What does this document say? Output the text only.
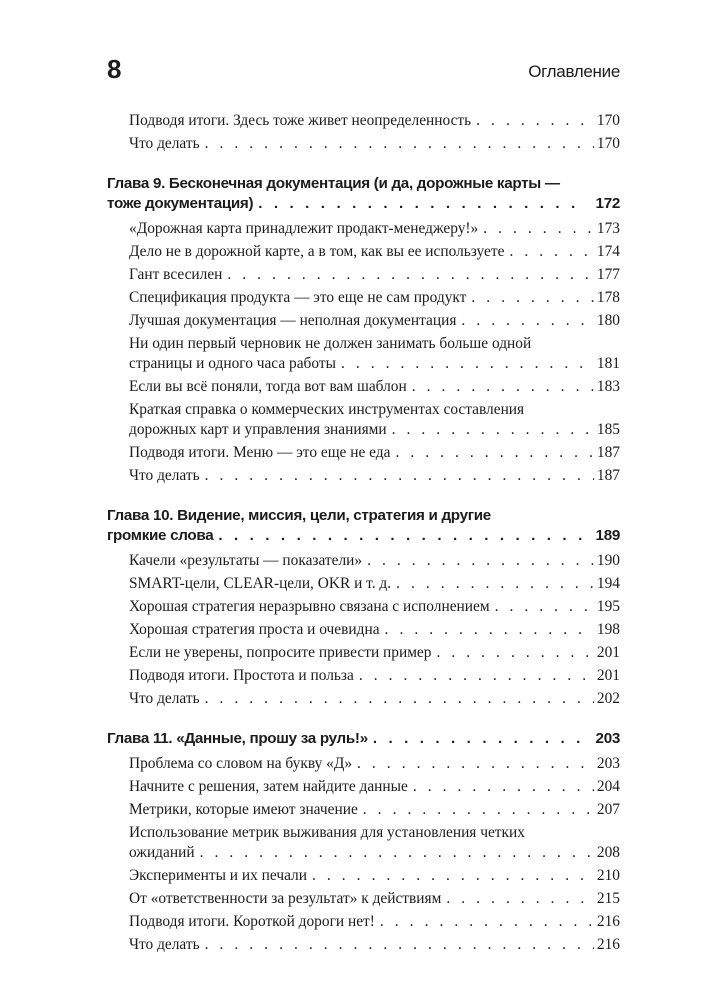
8	Оглавление
Подводя итоги. Здесь тоже живет неопределенность . . .	170
Что делать . . .	170
Глава 9. Бесконечная документация (и да, дорожные карты —
тоже документация) . . .	172
«Дорожная карта принадлежит продакт-менеджеру!» . . .	173
Дело не в дорожной карте, а в том, как вы ее используете . . .	174
Гант всесилен . . .	177
Спецификация продукта — это еще не сам продукт . . .	178
Лучшая документация — неполная документация . . .	180
Ни один первый черновик не должен занимать больше одной
страницы и одного часа работы . . .	181
Если вы всё поняли, тогда вот вам шаблон . . .	183
Краткая справка о коммерческих инструментах составления
дорожных карт и управления знаниями . . .	185
Подводя итоги. Меню — это еще не еда . . .	187
Что делать . . .	187
Глава 10. Видение, миссия, цели, стратегия и другие
громкие слова . . .	189
Качели «результаты — показатели» . . .	190
SMART-цели, CLEAR-цели, OKR и т. д. . . .	194
Хорошая стратегия неразрывно связана с исполнением . . .	195
Хорошая стратегия проста и очевидна . . .	198
Если не уверены, попросите привести пример . . .	201
Подводя итоги. Простота и польза . . .	201
Что делать . . .	202
Глава 11. «Данные, прошу за руль!» . . .	203
Проблема со словом на букву «Д» . . .	203
Начните с решения, затем найдите данные . . .	204
Метрики, которые имеют значение . . .	207
Использование метрик выживания для установления четких
ожиданий . . .	208
Эксперименты и их печали . . .	210
От «ответственности за результат» к действиям . . .	215
Подводя итоги. Короткой дороги нет! . . .	216
Что делать . . .	216
